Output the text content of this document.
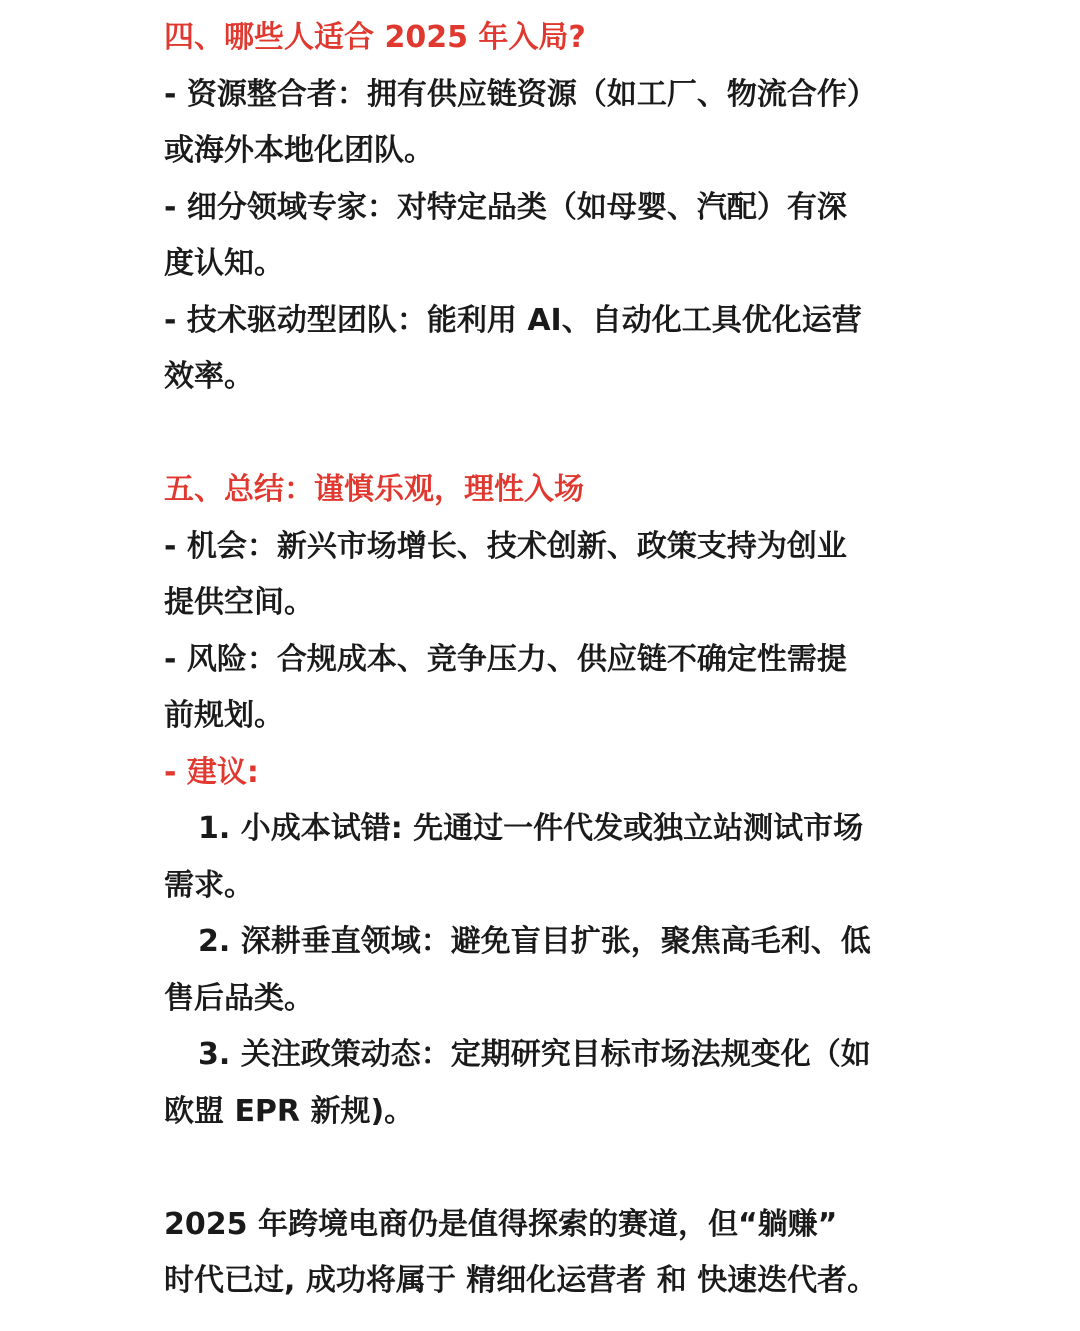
四、哪些人适合 2025 年入局?
- 资源整合者：拥有供应链资源（如工厂、物流合作）
或海外本地化团队。
- 细分领域专家：对特定品类（如母婴、汽配）有深
度认知。
- 技术驱动型团队：能利用 AI、自动化工具优化运营
效率。
五、总结：谨慎乐观，理性入场
- 机会：新兴市场增长、技术创新、政策支持为创业
提供空间。
- 风险：合规成本、竞争压力、供应链不确定性需提
前规划。
- 建议:
1. 小成本试错: 先通过一件代发或独立站测试市场
需求。
2. 深耕垂直领域：避免盲目扩张，聚焦高毛利、低
售后品类。
3. 关注政策动态：定期研究目标市场法规变化（如
欧盟 EPR 新规)。
2025 年跨境电商仍是值得探索的赛道，但“躺赚”
时代已过, 成功将属于 精细化运营者 和 快速迭代者。
